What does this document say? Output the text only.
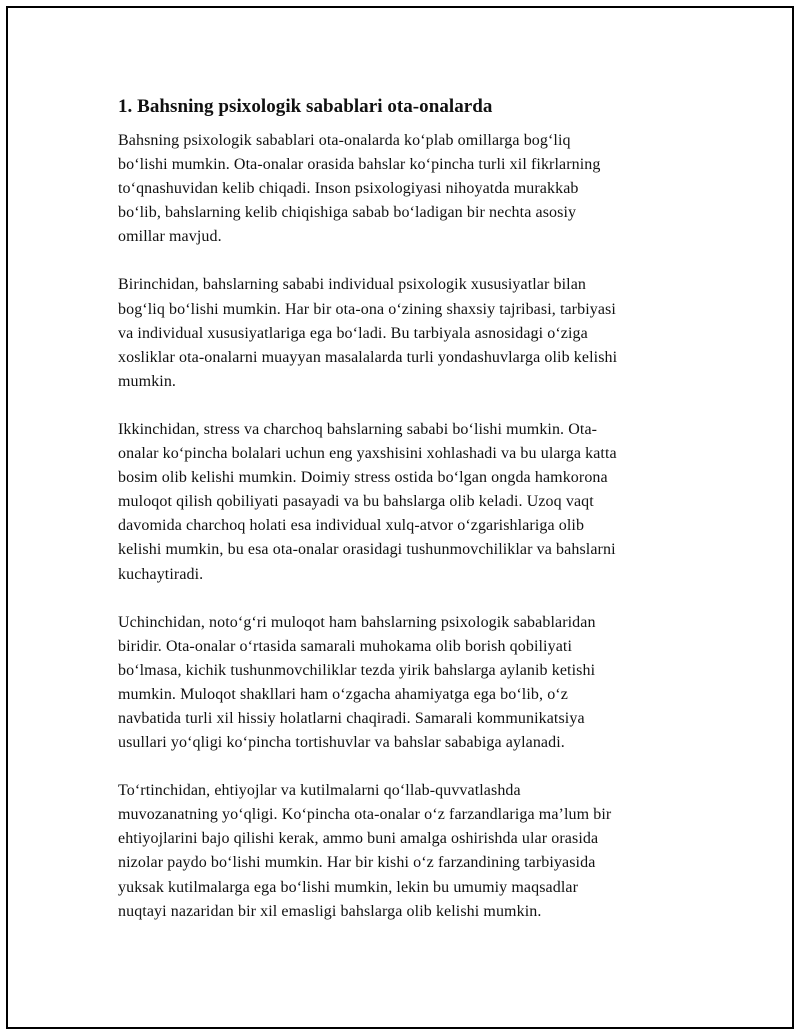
1. Bahsning psixologik sabablari ota-onalarda

Bahsning psixologik sabablari ota-onalarda ko‘plab omillarga bog‘liq
bo‘lishi mumkin. Ota-onalar orasida bahslar ko‘pincha turli xil fikrlarning
to‘qnashuvidan kelib chiqadi. Inson psixologiyasi nihoyatda murakkab
bo‘lib, bahslarning kelib chiqishiga sabab bo‘ladigan bir nechta asosiy
omillar mavjud.

Birinchidan, bahslarning sababi individual psixologik xususiyatlar bilan
bog‘liq bo‘lishi mumkin. Har bir ota-ona o‘zining shaxsiy tajribasi, tarbiyasi
va individual xususiyatlariga ega bo‘ladi. Bu tarbiyala asnosidagi o‘ziga
xosliklar ota-onalarni muayyan masalalarda turli yondashuvlarga olib kelishi
mumkin.

Ikkinchidan, stress va charchoq bahslarning sababi bo‘lishi mumkin. Ota-
onalar ko‘pincha bolalari uchun eng yaxshisini xohlashadi va bu ularga katta
bosim olib kelishi mumkin. Doimiy stress ostida bo‘lgan ongda hamkorona
muloqot qilish qobiliyati pasayadi va bu bahslarga olib keladi. Uzoq vaqt
davomida charchoq holati esa individual xulq-atvor o‘zgarishlariga olib
kelishi mumkin, bu esa ota-onalar orasidagi tushunmovchiliklar va bahslarni
kuchaytiradi.

Uchinchidan, noto‘g‘ri muloqot ham bahslarning psixologik sabablaridan
biridir. Ota-onalar o‘rtasida samarali muhokama olib borish qobiliyati
bo‘lmasa, kichik tushunmovchiliklar tezda yirik bahslarga aylanib ketishi
mumkin. Muloqot shakllari ham o‘zgacha ahamiyatga ega bo‘lib, o‘z
navbatida turli xil hissiy holatlarni chaqiradi. Samarali kommunikatsiya
usullari yo‘qligi ko‘pincha tortishuvlar va bahslar sababiga aylanadi.

To‘rtinchidan, ehtiyojlar va kutilmalarni qo‘llab-quvvatlashda
muvozanatning yo‘qligi. Ko‘pincha ota-onalar o‘z farzandlariga ma’lum bir
ehtiyojlarini bajo qilishi kerak, ammo buni amalga oshirishda ular orasida
nizolar paydo bo‘lishi mumkin. Har bir kishi o‘z farzandining tarbiyasida
yuksak kutilmalarga ega bo‘lishi mumkin, lekin bu umumiy maqsadlar
nuqtayi nazaridan bir xil emasligi bahslarga olib kelishi mumkin.
